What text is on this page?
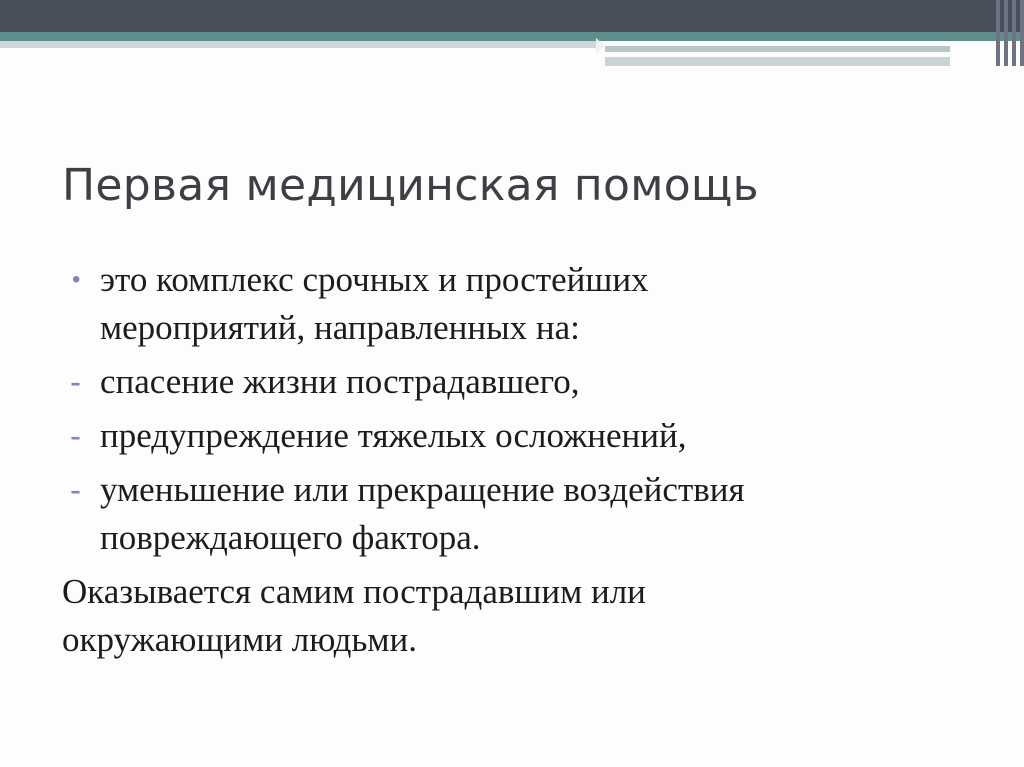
Первая медицинская помощь
• это комплекс срочных и простейших
мероприятий, направленных на:
- спасение жизни пострадавшего,
- предупреждение тяжелых осложнений,
- уменьшение или прекращение воздействия
повреждающего фактора.
Оказывается самим пострадавшим или
окружающими людьми.
